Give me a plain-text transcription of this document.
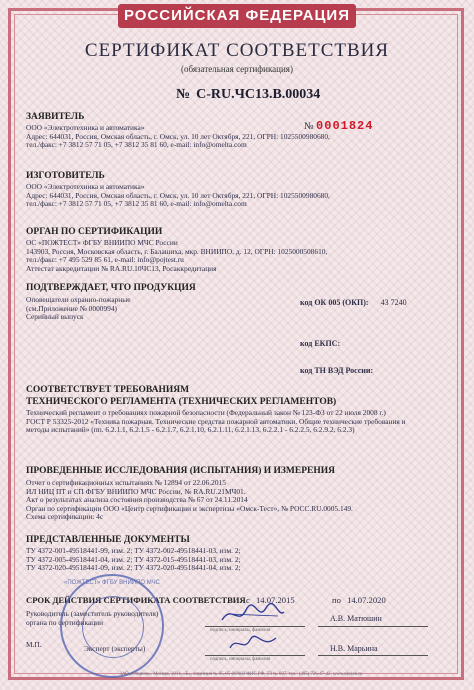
РОССИЙСКАЯ ФЕДЕРАЦИЯ
СЕРТИФИКАТ СООТВЕТСТВИЯ
(обязательная сертификация)
№ С-RU.ЧС13.В.00034
ЗАЯВИТЕЛЬ
№ 0001824
ООО «Электротехника и автоматика»
Адрес: 644031, Россия, Омская область, г. Омск, ул. 10 лет Октября, 221, ОГРН: 1025500980680,
тел./факс: +7 3812 57 71 05, +7 3812 35 81 60, e-mail: info@omelta.com
ИЗГОТОВИТЕЛЬ
ООО «Электротехника и автоматика»
Адрес: 644031, Россия, Омская область, г. Омск, ул. 10 лет Октября, 221, ОГРН: 1025500980680,
тел./факс: +7 3812 57 71 05, +7 3812 35 81 60, e-mail: info@omelta.com
ОРГАН ПО СЕРТИФИКАЦИИ
ОС «ПОЖТЕСТ» ФГБУ ВНИИПО МЧС России
143903, Россия, Московская область, г. Балашиха, мкр. ВНИИПО, д. 12, ОГРН: 1025000508610,
тел./факс: +7 495 529 85 61, e-mail: info@pojtest.ru
Аттестат аккредитации № RA.RU.10ЧС13, Росаккредитация
ПОДТВЕРЖДАЕТ, ЧТО ПРОДУКЦИЯ
Оповещатели охранно-пожарные
(см.Приложение № 0000994)
Серийный выпуск
код ОК 005 (ОКП): 43 7240
код ЕКПС:
код ТН ВЭД России:
СООТВЕТСТВУЕТ ТРЕБОВАНИЯМ
ТЕХНИЧЕСКОГО РЕГЛАМЕНТА (ТЕХНИЧЕСКИХ РЕГЛАМЕНТОВ)
Технический регламент о требованиях пожарной безопасности (Федеральный закон № 123-ФЗ от 22 июля 2008 г.)
ГОСТ Р 53325-2012 «Техника пожарная. Технические средства пожарной автоматики. Общие технические требования и
методы испытаний» (пп. 6.2.1.1, 6.2.1.5 - 6.2.1.7, 6.2.1.10, 6.2.1.11, 6.2.1.13, 6.2.2.1 - 6.2.2.5, 6.2.9.2, 6.2.3)
ПРОВЕДЕННЫЕ ИССЛЕДОВАНИЯ (ИСПЫТАНИЯ) И ИЗМЕРЕНИЯ
Отчет о сертификационных испытаниях № 12894 от 22.06.2015
ИЛ НИЦ ПТ и СП ФГБУ ВНИИПО МЧС России, № RA.RU.21МЧ01.
Акт о результатах анализа состояния производства № 67 от 24.11.2014
Орган по сертификации ООО «Центр сертификации и экспертизы «Омск-Тест», № РОСС.RU.0005.149.
Схема сертификации: 4с
ПРЕДСТАВЛЕННЫЕ ДОКУМЕНТЫ
ТУ 4372-001-49518441-99, изм. 2; ТУ 4372-002-49518441-03, изм. 2;
ТУ 4372-005-49518441-04, изм. 2; ТУ 4372-015-49518441-03, изм. 2;
ТУ 4372-020-49518441-09, изм. 2; ТУ 4372-020-49518441-04, изм. 2;
СРОК ДЕЙСТВИЯ СЕРТИФИКАТА СООТВЕТСТВИЯ с 14.07.2015	по 14.07.2020
«ПОЖТЕСТ» ФГБУ ВНИИПО МЧС
Руководитель (заместитель руководителя)
органа по сертификации
подпись, инициалы, фамилия
А.В. Матюшин
М.П.	Эксперт (эксперты)
подпись, инициалы, фамилия
Н.В. Марьина
ЗАО «Опцион», Москва, 2014, «Б», лицензия № 05-05-09/003 ФНС РФ, ТЗ № 687, тел.: (495) 726-47-42, www.opcion.ru
